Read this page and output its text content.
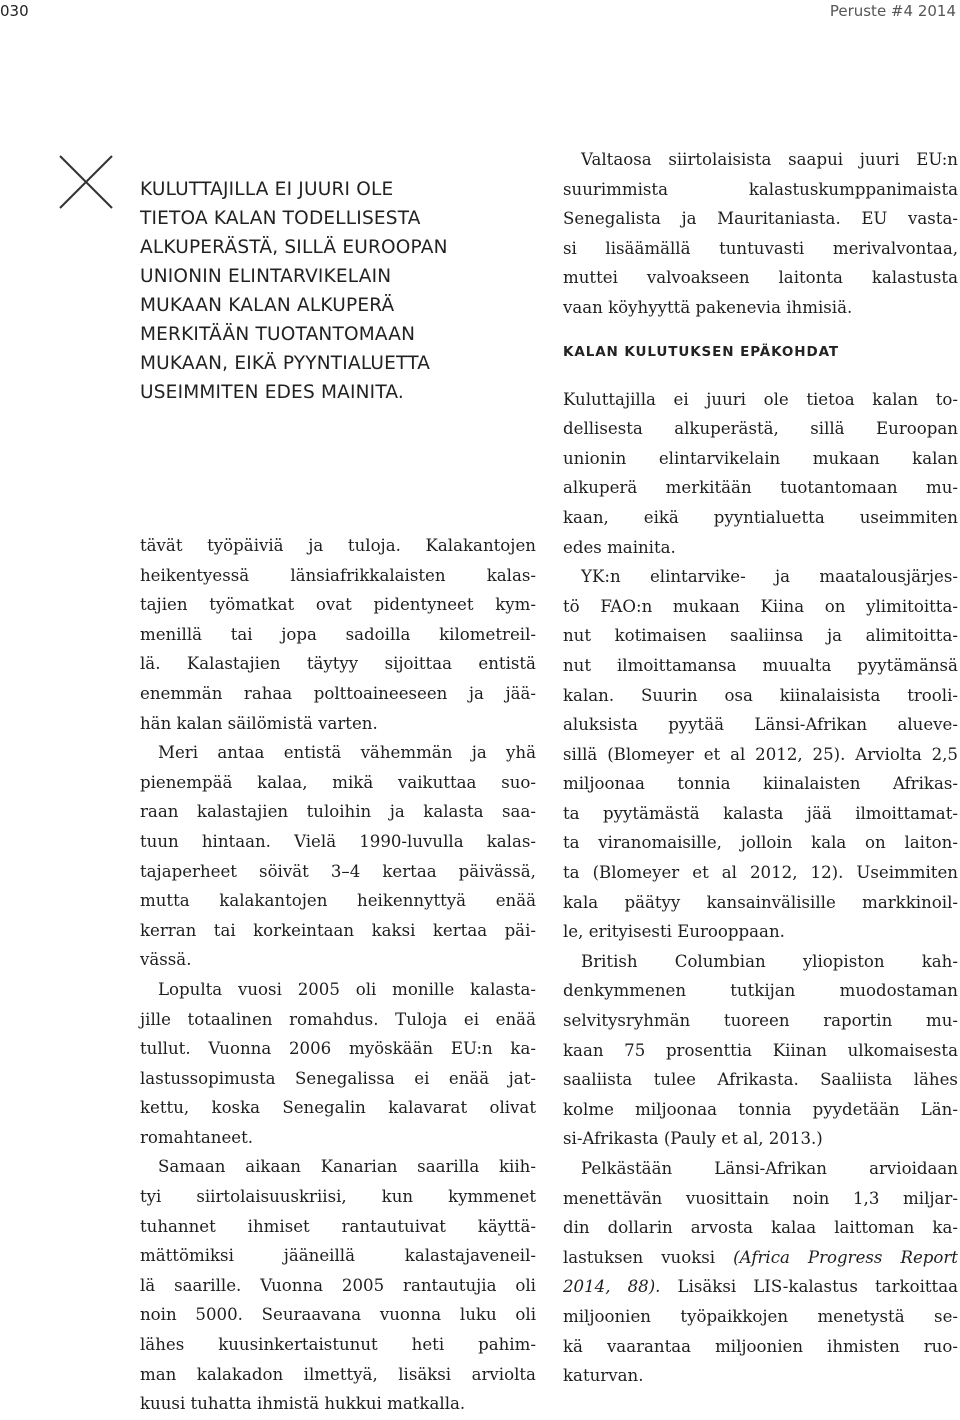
030	Peruste #4 2014
KULUTTAJILLA EI JUURI OLE
TIETOA KALAN TODELLISESTA
ALKUPERÄSTÄ, SILLÄ EUROOPAN
UNIONIN ELINTARVIKELAIN
MUKAAN KALAN ALKUPERÄ
MERKITÄÄN TUOTANTOMAAN
MUKAAN, EIKÄ PYYNTIALUETTA
USEIMMITEN EDES MAINITA.
tävät työpäiviä ja tuloja. Kalakantojen
heikentyessä länsiafrikkalaisten kalas-
tajien työmatkat ovat pidentyneet kym-
menillä tai jopa sadoilla kilometreil-
lä. Kalastajien täytyy sijoittaa entistä
enemmän rahaa polttoaineeseen ja jää-
hän kalan säilömistä varten.
Meri antaa entistä vähemmän ja yhä
pienempää kalaa, mikä vaikuttaa suo-
raan kalastajien tuloihin ja kalasta saa-
tuun hintaan. Vielä 1990-luvulla kalas-
tajaperheet söivät 3–4 kertaa päivässä,
mutta kalakantojen heikennyttyä enää
kerran tai korkeintaan kaksi kertaa päi-
vässä.
Lopulta vuosi 2005 oli monille kalasta-
jille totaalinen romahdus. Tuloja ei enää
tullut. Vuonna 2006 myöskään EU:n ka-
lastussopimusta Senegalissa ei enää jat-
kettu, koska Senegalin kalavarat olivat
romahtaneet.
Samaan aikaan Kanarian saarilla kiih-
tyi siirtolaisuuskriisi, kun kymmenet
tuhannet ihmiset rantautuivat käyttä-
mättömiksi	jääneillä	kalastajaveneil-
lä saarille. Vuonna 2005 rantautujia oli
noin 5000. Seuraavana vuonna luku oli
lähes kuusinkertaistunut heti pahim-
man kalakadon ilmettyä, lisäksi arviolta
kuusi tuhatta ihmistä hukkui matkalla.
Valtaosa siirtolaisista saapui juuri EU:n
suurimmista	kalastuskumppanimaista
Senegalista ja Mauritaniasta. EU vasta-
si lisäämällä tuntuvasti merivalvontaa,
muttei valvoakseen laitonta kalastusta
vaan köyhyyttä pakenevia ihmisiä.
KALAN KULUTUKSEN EPÄKOHDAT
Kuluttajilla ei juuri ole tietoa kalan to-
dellisesta alkuperästä, sillä Euroopan
unionin elintarvikelain mukaan kalan
alkuperä merkitään tuotantomaan mu-
kaan, eikä pyyntialuetta useimmiten
edes mainita.
YK:n elintarvike- ja maatalousjärjes-
tö FAO:n mukaan Kiina on ylimitoitta-
nut kotimaisen saaliinsa ja alimitoitta-
nut ilmoittamansa muualta pyytämänsä
kalan. Suurin osa kiinalaisista trooli-
aluksista pyytää Länsi-Afrikan alueve-
sillä (Blomeyer et al 2012, 25). Arviolta 2,5
miljoonaa tonnia kiinalaisten Afrikas-
ta pyytämästä kalasta jää ilmoittamat-
ta viranomaisille, jolloin kala on laiton-
ta (Blomeyer et al 2012, 12). Useimmiten
kala päätyy kansainvälisille markkinoil-
le, erityisesti Eurooppaan.
British Columbian yliopiston kah-
denkymmenen	tutkijan	muodostaman
selvitysryhmän tuoreen raportin mu-
kaan 75 prosenttia Kiinan ulkomaisesta
saaliista tulee Afrikasta. Saaliista lähes
kolme miljoonaa tonnia pyydetään Län-
si-Afrikasta (Pauly et al, 2013.)
Pelkästään	Länsi-Afrikan	arvioidaan
menettävän vuosittain noin 1,3 miljar-
din dollarin arvosta kalaa laittoman ka-
lastuksen vuoksi (Africa Progress Report
2014, 88). Lisäksi LIS-kalastus tarkoittaa
miljoonien työpaikkojen menetystä se-
kä vaarantaa miljoonien ihmisten ruo-
katurvan.
